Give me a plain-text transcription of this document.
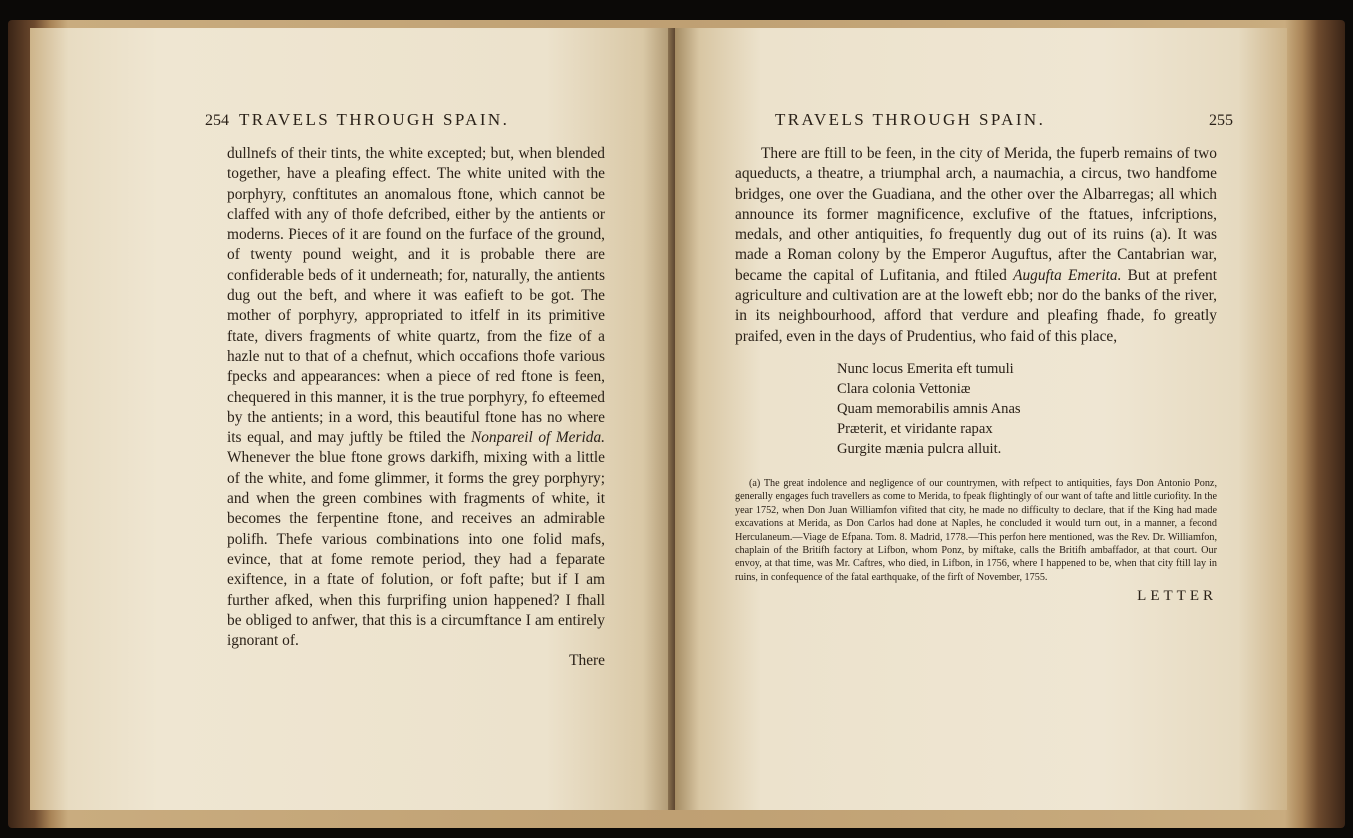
254 TRAVELS THROUGH SPAIN.

dullnefs of their tints, the white excepted; but, when blended together, have a pleafing effect. The white united with the porphyry, conftitutes an anomalous ftone, which cannot be claffed with any of thofe defcribed, either by the antients or moderns. Pieces of it are found on the furface of the ground, of twenty pound weight, and it is probable there are confiderable beds of it underneath; for, naturally, the antients dug out the beft, and where it was eafieft to be got. The mother of porphyry, appropriated to itfelf in its primitive ftate, divers fragments of white quartz, from the fize of a hazle nut to that of a chefnut, which occafions thofe various fpecks and appearances: when a piece of red ftone is feen, chequered in this manner, it is the true porphyry, fo efteemed by the antients; in a word, this beautiful ftone has no where its equal, and may juftly be ftiled the Nonpareil of Merida. Whenever the blue ftone grows darkifh, mixing with a little of the white, and fome glimmer, it forms the grey porphyry; and when the green combines with fragments of white, it becomes the ferpentine ftone, and receives an admirable polifh. Thefe various combinations into one folid mafs, evince, that at fome remote period, they had a feparate exiftence, in a ftate of folution, or foft pafte; but if I am further afked, when this furprifing union happened? I fhall be obliged to anfwer, that this is a circumftance I am entirely ignorant of.

There
TRAVELS THROUGH SPAIN.	255

There are ftill to be feen, in the city of Merida, the fuperb remains of two aqueducts, a theatre, a triumphal arch, a naumachia, a circus, two handfome bridges, one over the Guadiana, and the other over the Albarregas; all which announce its former magnificence, exclufive of the ftatues, infcriptions, medals, and other antiquities, fo frequently dug out of its ruins (a). It was made a Roman colony by the Emperor Auguftus, after the Cantabrian war, became the capital of Lufitania, and ftiled Augufta Emerita. But at prefent agriculture and cultivation are at the loweft ebb; nor do the banks of the river, in its neighbourhood, afford that verdure and pleafing fhade, fo greatly praifed, even in the days of Prudentius, who faid of this place,

Nunc locus Emerita eft tumuli
Clara colonia Vettoniæ
Quam memorabilis amnis Anas
Præterit, et viridante rapax
Gurgite mænia pulcra alluit.
(a) The great indolence and negligence of our countrymen, with refpect to antiquities, fays Don Antonio Ponz, generally engages fuch travellers as come to Merida, to fpeak flightingly of our want of tafte and little curiofity. In the year 1752, when Don Juan Williamfon vifited that city, he made no difficulty to declare, that if the King had made excavations at Merida, as Don Carlos had done at Naples, he concluded it would turn out, in a manner, a fecond Herculaneum.—Viage de Efpana. Tom. 8. Madrid, 1778.—This perfon here mentioned, was the Rev. Dr. Williamfon, chaplain of the Britifh factory at Lifbon, whom Ponz, by miftake, calls the Britifh ambaffador, at that court. Our envoy, at that time, was Mr. Caftres, who died, in Lifbon, in 1756, where I happened to be, when that city ftill lay in ruins, in confequence of the fatal earthquake, of the firft of November, 1755.
LETTER
